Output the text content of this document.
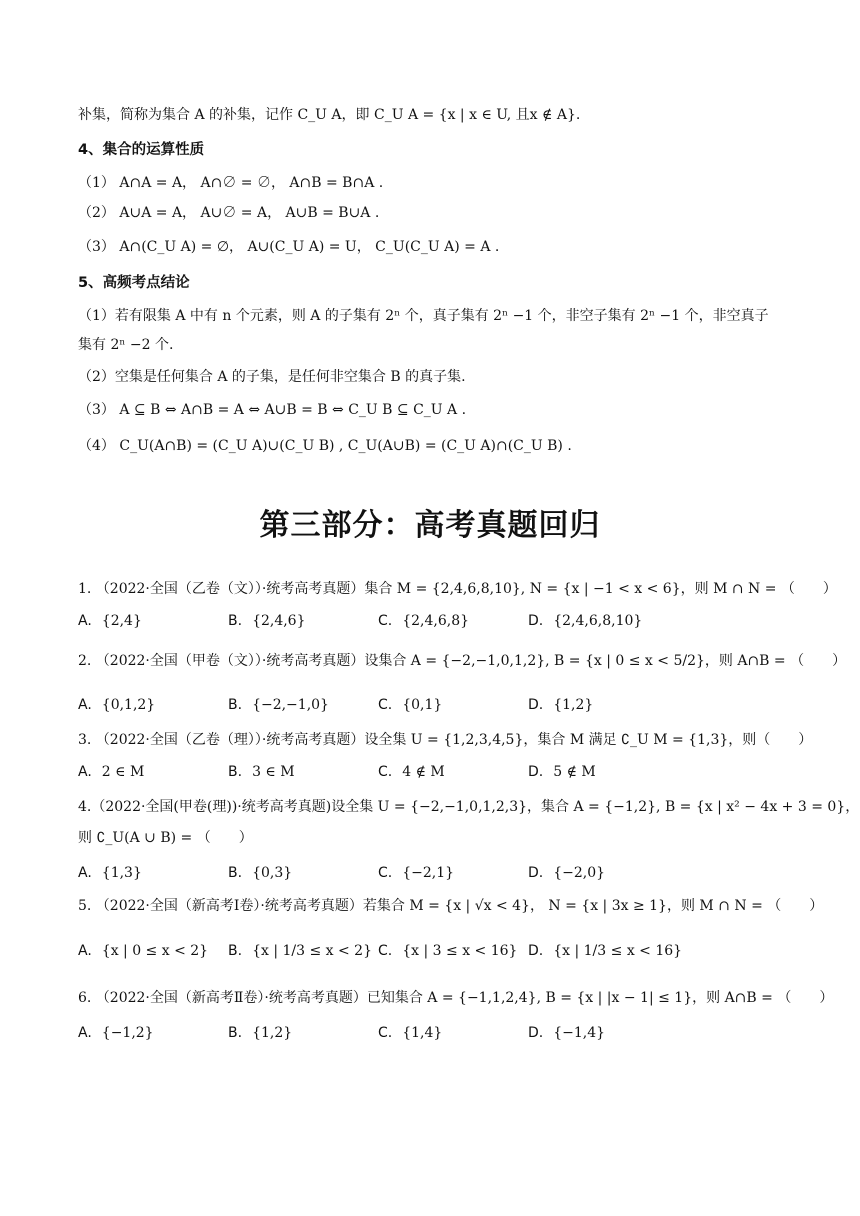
补集，简称为集合 A 的补集，记作 C_U A，即 C_U A = {x | x ∈ U, 且x ∉ A}.
4、集合的运算性质
（1） A∩A = A， A∩∅ = ∅， A∩B = B∩A .
（2） A∪A = A， A∪∅ = A， A∪B = B∪A .
（3） A∩(C_U A) = ∅， A∪(C_U A) = U， C_U(C_U A) = A .
5、高频考点结论
（1）若有限集 A 中有 n 个元素，则 A 的子集有 2ⁿ 个，真子集有 2ⁿ −1 个，非空子集有 2ⁿ −1 个，非空真子
集有 2ⁿ −2 个.
（2）空集是任何集合 A 的子集，是任何非空集合 B 的真子集.
（3） A ⊆ B ⇔ A∩B = A ⇔ A∪B = B ⇔ C_U B ⊆ C_U A .
（4） C_U(A∩B) = (C_U A)∪(C_U B) , C_U(A∪B) = (C_U A)∩(C_U B) .
第三部分：高考真题回归
1. （2022·全国（乙卷（文））·统考高考真题）集合 M = {2,4,6,8,10}, N = {x | −1 < x < 6}，则 M ∩ N = （　　）
A. {2,4}	B. {2,4,6}	C. {2,4,6,8}	D. {2,4,6,8,10}
2. （2022·全国（甲卷（文））·统考高考真题）设集合 A = {−2,−1,0,1,2}, B = {x | 0 ≤ x < 5/2}，则 A∩B = （　　）
A. {0,1,2}	B. {−2,−1,0}	C. {0,1}	D. {1,2}
3. （2022·全国（乙卷（理））·统考高考真题）设全集 U = {1,2,3,4,5}，集合 M 满足 ∁_U M = {1,3}，则（　　）
A. 2 ∈ M	B. 3 ∈ M	C. 4 ∉ M	D. 5 ∉ M
4.（2022·全国(甲卷(理))·统考高考真题)设全集 U = {−2,−1,0,1,2,3}，集合 A = {−1,2}, B = {x | x² − 4x + 3 = 0}，
则 ∁_U(A ∪ B) = （　　）
A. {1,3}	B. {0,3}	C. {−2,1}	D. {−2,0}
5. （2022·全国（新高考Ⅰ卷）·统考高考真题）若集合 M = {x | √x < 4}， N = {x | 3x ≥ 1}，则 M ∩ N = （　　）
A. {x | 0 ≤ x < 2} B. {x | 1/3 ≤ x < 2} C. {x | 3 ≤ x < 16} D. {x | 1/3 ≤ x < 16}
6. （2022·全国（新高考Ⅱ卷）·统考高考真题）已知集合 A = {−1,1,2,4}, B = {x | |x − 1| ≤ 1}，则 A∩B = （　　）
A. {−1,2}	B. {1,2}	C. {1,4}	D. {−1,4}
